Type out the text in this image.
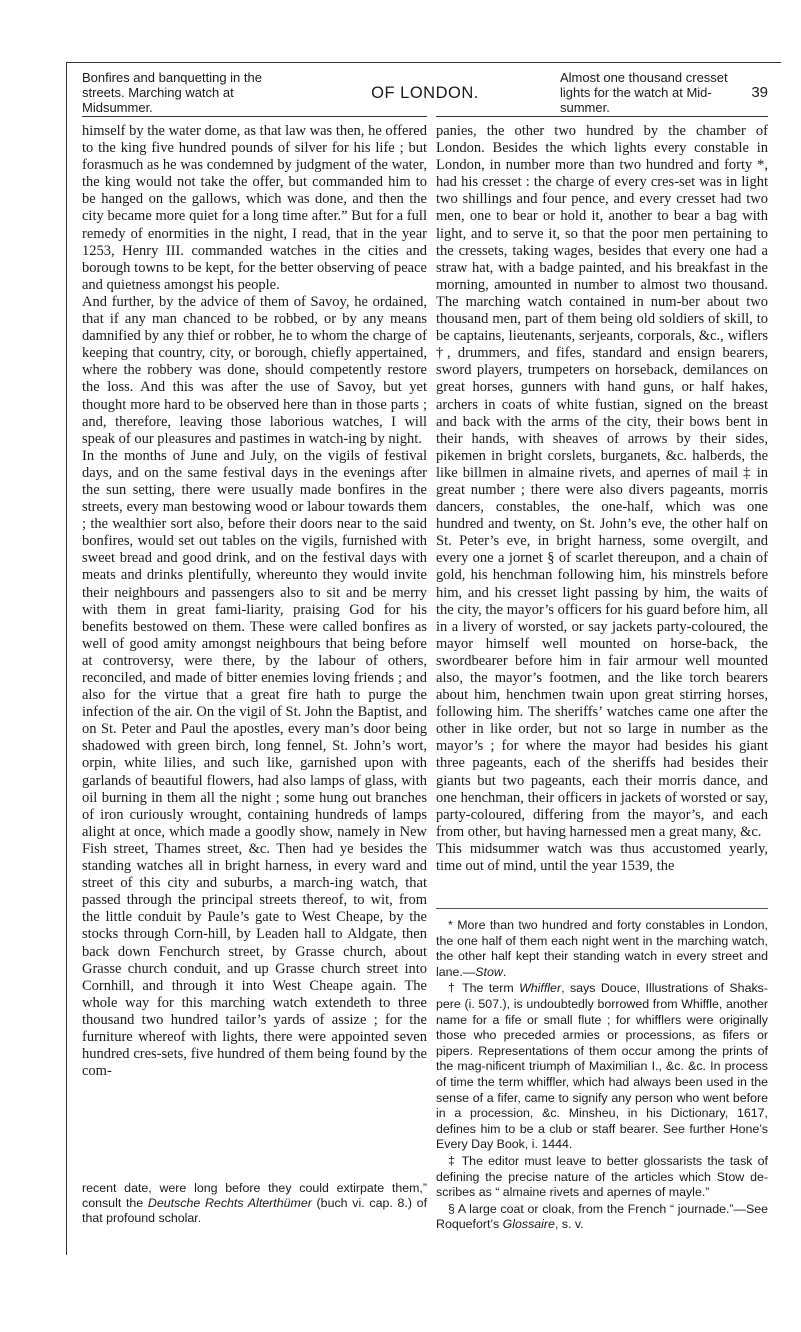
Bonfires and banquetting in the streets. Marching watch at Midsummer.
OF LONDON.
Almost one thousand cresset lights for the watch at Mid-summer.
39

himself by the water dome, as that law was then, he offered to the king five hundred pounds of silver for his life ; but forasmuch as he was condemned by judgment of the water, the king would not take the offer, but commanded him to be hanged on the gallows, which was done, and then the city became more quiet for a long time after.” But for a full remedy of enormities in the night, I read, that in the year 1253, Henry III. commanded watches in the cities and borough towns to be kept, for the better observing of peace and quietness amongst his people.

And further, by the advice of them of Savoy, he ordained, that if any man chanced to be robbed, or by any means damnified by any thief or robber, he to whom the charge of keeping that country, city, or borough, chiefly appertained, where the robbery was done, should competently restore the loss. And this was after the use of Savoy, but yet thought more hard to be observed here than in those parts ; and, therefore, leaving those laborious watches, I will speak of our pleasures and pastimes in watch-ing by night.

In the months of June and July, on the vigils of festival days, and on the same festival days in the evenings after the sun setting, there were usually made bonfires in the streets, every man bestowing wood or labour towards them ; the wealthier sort also, before their doors near to the said bonfires, would set out tables on the vigils, furnished with sweet bread and good drink, and on the festival days with meats and drinks plentifully, whereunto they would invite their neighbours and passengers also to sit and be merry with them in great fami-liarity, praising God for his benefits bestowed on them. These were called bonfires as well of good amity amongst neighbours that being before at controversy, were there, by the labour of others, reconciled, and made of bitter enemies loving friends ; and also for the virtue that a great fire hath to purge the infection of the air. On the vigil of St. John the Baptist, and on St. Peter and Paul the apostles, every man’s door being shadowed with green birch, long fennel, St. John’s wort, orpin, white lilies, and such like, garnished upon with garlands of beautiful flowers, had also lamps of glass, with oil burning in them all the night ; some hung out branches of iron curiously wrought, containing hundreds of lamps alight at once, which made a goodly show, namely in New Fish street, Thames street, &c. Then had ye besides the standing watches all in bright harness, in every ward and street of this city and suburbs, a march-ing watch, that passed through the principal streets thereof, to wit, from the little conduit by Paule’s gate to West Cheape, by the stocks through Corn-hill, by Leaden hall to Aldgate, then back down Fenchurch street, by Grasse church, about Grasse church conduit, and up Grasse church street into Cornhill, and through it into West Cheape again. The whole way for this marching watch extendeth to three thousand two hundred tailor’s yards of assize ; for the furniture whereof with lights, there were appointed seven hundred cres-sets, five hundred of them being found by the com-

recent date, were long before they could extirpate them,” consult the Deutsche Rechts Alterthümer (buch vi. cap. 8.) of that profound scholar.

panies, the other two hundred by the chamber of London. Besides the which lights every constable in London, in number more than two hundred and forty *, had his cresset : the charge of every cres-set was in light two shillings and four pence, and every cresset had two men, one to bear or hold it, another to bear a bag with light, and to serve it, so that the poor men pertaining to the cressets, taking wages, besides that every one had a straw hat, with a badge painted, and his breakfast in the morning, amounted in number to almost two thousand. The marching watch contained in num-ber about two thousand men, part of them being old soldiers of skill, to be captains, lieutenants, serjeants, corporals, &c., wiflers †, drummers, and fifes, standard and ensign bearers, sword players, trumpeters on horseback, demilances on great horses, gunners with hand guns, or half hakes, archers in coats of white fustian, signed on the breast and back with the arms of the city, their bows bent in their hands, with sheaves of arrows by their sides, pikemen in bright corslets, burganets, &c. halberds, the like billmen in almaine rivets, and apernes of mail ‡ in great number ; there were also divers pageants, morris dancers, constables, the one-half, which was one hundred and twenty, on St. John’s eve, the other half on St. Peter’s eve, in bright harness, some overgilt, and every one a jornet § of scarlet thereupon, and a chain of gold, his henchman following him, his minstrels before him, and his cresset light passing by him, the waits of the city, the mayor’s officers for his guard before him, all in a livery of worsted, or say jackets party-coloured, the mayor himself well mounted on horse-back, the swordbearer before him in fair armour well mounted also, the mayor’s footmen, and the like torch bearers about him, henchmen twain upon great stirring horses, following him. The sheriffs’ watches came one after the other in like order, but not so large in number as the mayor’s ; for where the mayor had besides his giant three pageants, each of the sheriffs had besides their giants but two pageants, each their morris dance, and one henchman, their officers in jackets of worsted or say, party-coloured, differing from the mayor’s, and each from other, but having harnessed men a great many, &c.

This midsummer watch was thus accustomed yearly, time out of mind, until the year 1539, the

* More than two hundred and forty constables in London, the one half of them each night went in the marching watch, the other half kept their standing watch in every street and lane.—Stow.

† The term Whiffler, says Douce, Illustrations of Shaks-pere (i. 507.), is undoubtedly borrowed from Whiffle, another name for a fife or small flute ; for whifflers were originally those who preceded armies or processions, as fifers or pipers. Representations of them occur among the prints of the mag-nificent triumph of Maximilian I., &c. &c. In process of time the term whiffler, which had always been used in the sense of a fifer, came to signify any person who went before in a procession, &c. Minsheu, in his Dictionary, 1617, defines him to be a club or staff bearer. See further Hone’s Every Day Book, i. 1444.

‡ The editor must leave to better glossarists the task of defining the precise nature of the articles which Stow de-scribes as “ almaine rivets and apernes of mayle.”

§ A large coat or cloak, from the French “ journade.”—See Roquefort’s Glossaire, s. v.
